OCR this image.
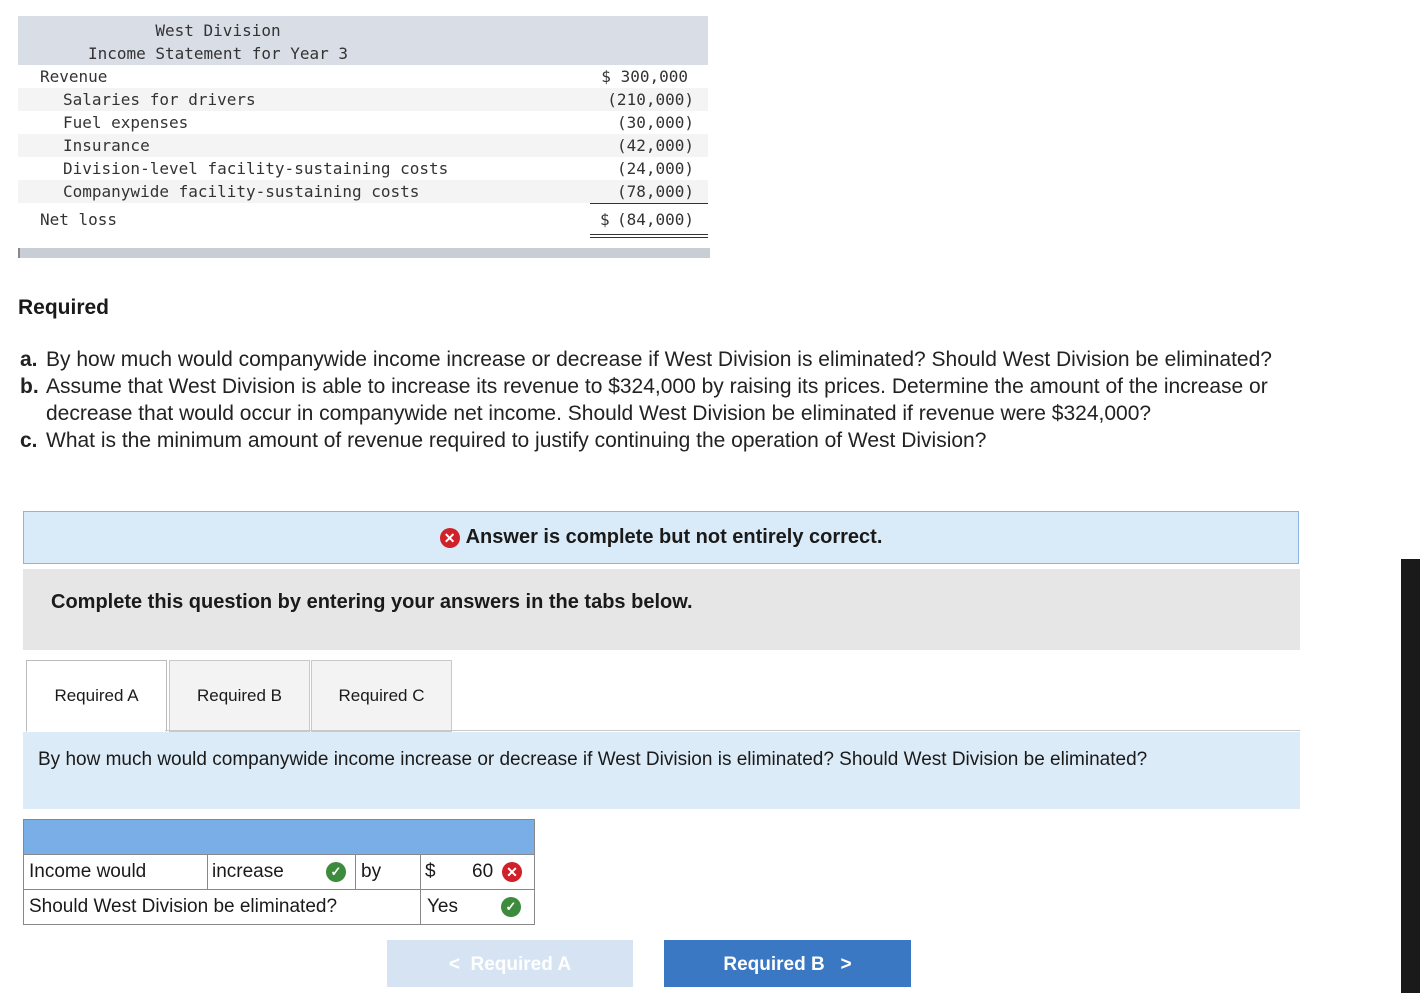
West Division
Income Statement for Year 3
Revenue	$ 300,000
Salaries for drivers	(210,000)
Fuel expenses	(30,000)
Insurance	(42,000)
Division-level facility-sustaining costs	(24,000)
Companywide facility-sustaining costs	(78,000)
Net loss	$ (84,000)
Required
a. By how much would companywide income increase or decrease if West Division is eliminated? Should West Division be eliminated?
b. Assume that West Division is able to increase its revenue to $324,000 by raising its prices. Determine the amount of the increase or
decrease that would occur in companywide net income. Should West Division be eliminated if revenue were $324,000?
c. What is the minimum amount of revenue required to justify continuing the operation of West Division?
✕ Answer is complete but not entirely correct.
Complete this question by entering your answers in the tabs below.
Required A	Required B	Required C
By how much would companywide income increase or decrease if West Division is eliminated? Should West Division be eliminated?
Income would	increase	✓ by $ 60 ✕
Should West Division be eliminated?	Yes	✓
<  Required A	Required B   >
